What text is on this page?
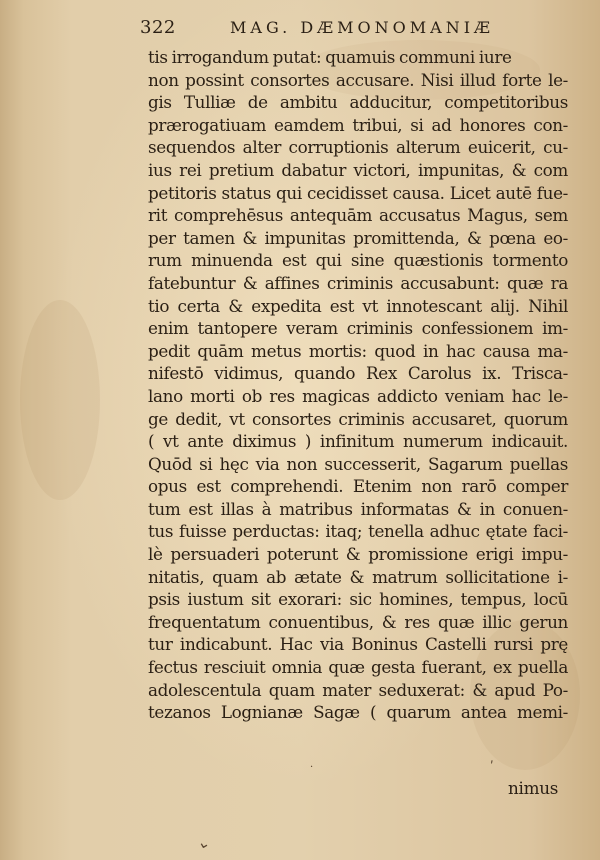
322	MAG. DÆMONOMANIÆ
tis irrogandum putat: quamuis communi iure
non possint consortes accusare. Nisi illud forte le-
gis Tulliæ de ambitu adducitur, competitoribus
prærogatiuam eamdem tribui, si ad honores con-
sequendos alter corruptionis alterum euicerit, cu-
ius rei pretium dabatur victori, impunitas, & com
petitoris status qui cecidisset causa. Licet autē fue-
rit comprehēsus antequām accusatus Magus, sem
per tamen & impunitas promittenda, & pœna eo-
rum minuenda est qui sine quæstionis tormento
fatebuntur & affines criminis accusabunt: quæ ra
tio certa & expedita est vt innotescant alij. Nihil
enim tantopere veram criminis confessionem im-
pedit quām metus mortis: quod in hac causa ma-
nifestō vidimus, quando Rex Carolus ix. Trisca-
lano morti ob res magicas addicto veniam hac le-
ge dedit, vt consortes criminis accusaret, quorum
( vt ante diximus ) infinitum numerum indicauit.
Quōd si hęc via non successerit, Sagarum puellas
opus est comprehendi. Etenim non rarō comper
tum est illas à matribus informatas & in conuen-
tus fuisse perductas: itaq; tenella adhuc ętate faci-
lè persuaderi poterunt & promissione erigi impu-
nitatis, quam ab ætate & matrum sollicitatione i-
psis iustum sit exorari: sic homines, tempus, locū
frequentatum conuentibus, & res quæ illic gerun
tur indicabunt. Hac via Boninus Castelli rursi prę
fectus resciuit omnia quæ gesta fuerant, ex puella
adolescentula quam mater seduxerat: & apud Po-
tezanos Lognianæ Sagæ ( quarum antea memi-
nimus
ʹ
⌄
·
